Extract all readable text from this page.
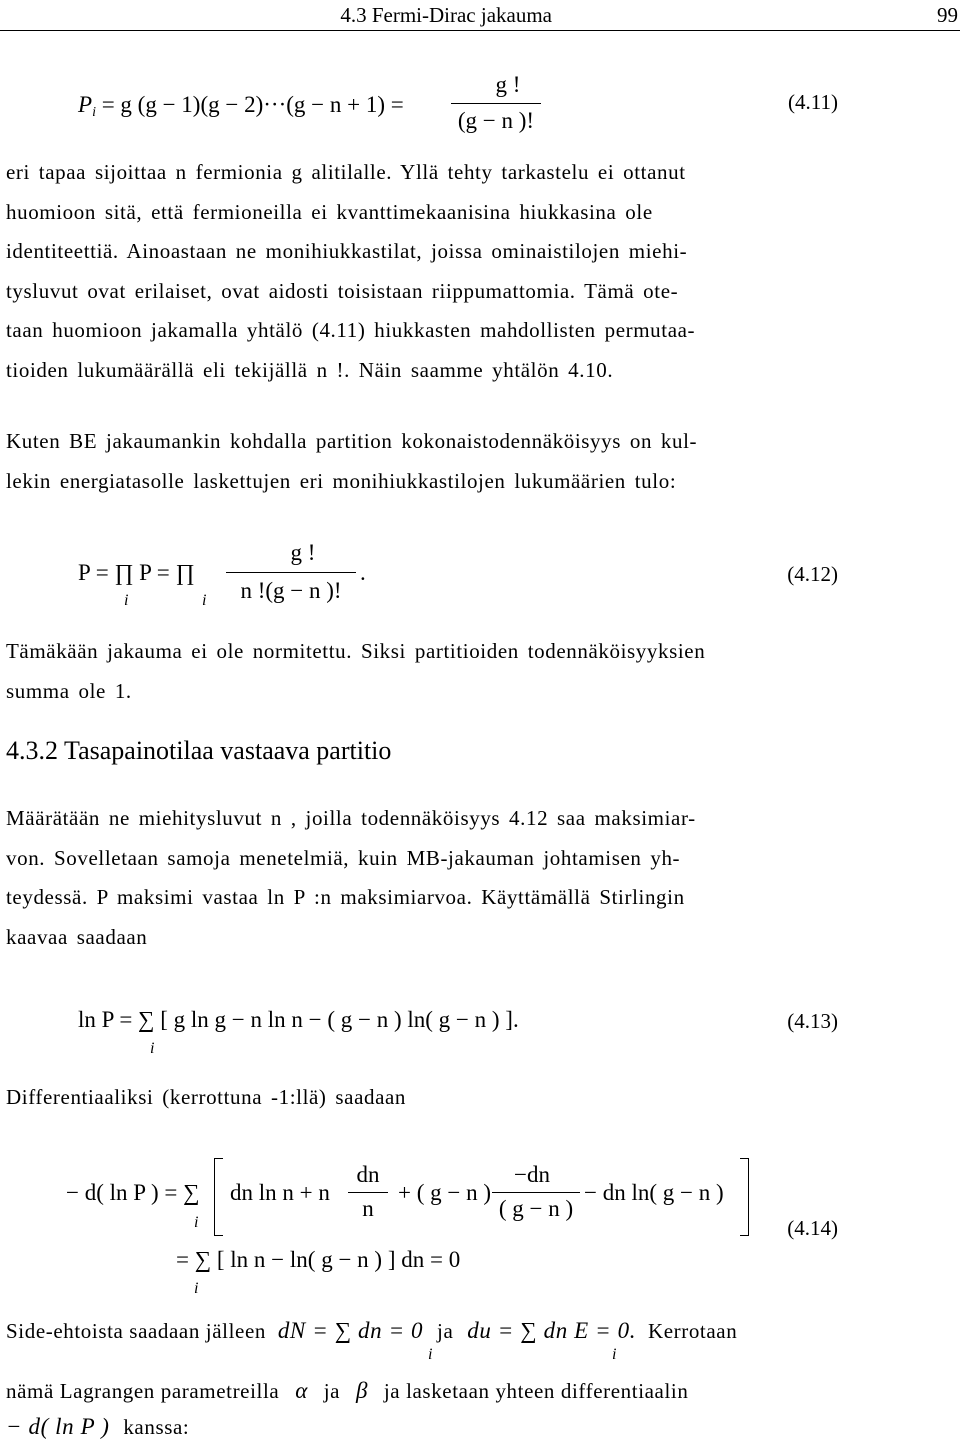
4.3 Fermi-Dirac jakauma	99
$P_i = g$ (g − 1)(g − 2)···(g − n + 1) =
g !
(g − n )!
(4.11)
eri tapaa sijoittaa n fermionia g alitilalle. Yllä tehty tarkastelu ei ottanut
huomioon sitä, että fermioneilla ei kvanttimekaanisina hiukkasina ole
identiteettiä. Ainoastaan ne monihiukkastilat, joissa ominaistilojen miehi-
tysluvut ovat erilaiset, ovat aidosti toisistaan riippumattomia. Tämä ote-
taan huomioon jakamalla yhtälö (4.11) hiukkasten mahdollisten permutaa-
tioiden lukumäärällä eli tekijällä n !. Näin saamme yhtälön 4.10.
Kuten BE jakaumankin kohdalla partition kokonaistodennäköisyys on kul-
lekin energiatasolle laskettujen eri monihiukkastilojen lukumäärien tulo:
P = ∏ P = ∏
i	i
g !
n !(g − n )!
.	(4.12)
Tämäkään jakauma ei ole normitettu. Siksi partitioiden todennäköisyyksien
summa ole 1.
4.3.2 Tasapainotilaa vastaava partitio
Määrätään ne miehitysluvut n , joilla todennäköisyys 4.12 saa maksimiar-
von. Sovelletaan samoja menetelmiä, kuin MB-jakauman johtamisen yh-
teydessä. P maksimi vastaa ln P :n maksimiarvoa. Käyttämällä Stirlingin
kaavaa saadaan
ln P = ∑ [ g ln g − n ln n − ( g − n ) ln( g − n ) ].
i
(4.13)
Differentiaaliksi (kerrottuna -1:llä) saadaan
− d( ln P ) = ∑ dn ln n + n
dn
n
+ ( g − n )
−dn
( g − n )
− dn ln( g − n )
i
= ∑ [ ln n − ln( g − n ) ] dn = 0
i
(4.14)
Side-ehtoista saadaan jälleen dN = ∑ dn = 0 ja du = ∑ dn E = 0. Kerrotaan
i	i
nämä Lagrangen parametreilla α ja β ja lasketaan yhteen differentiaalin
− d( ln P ) kanssa:
